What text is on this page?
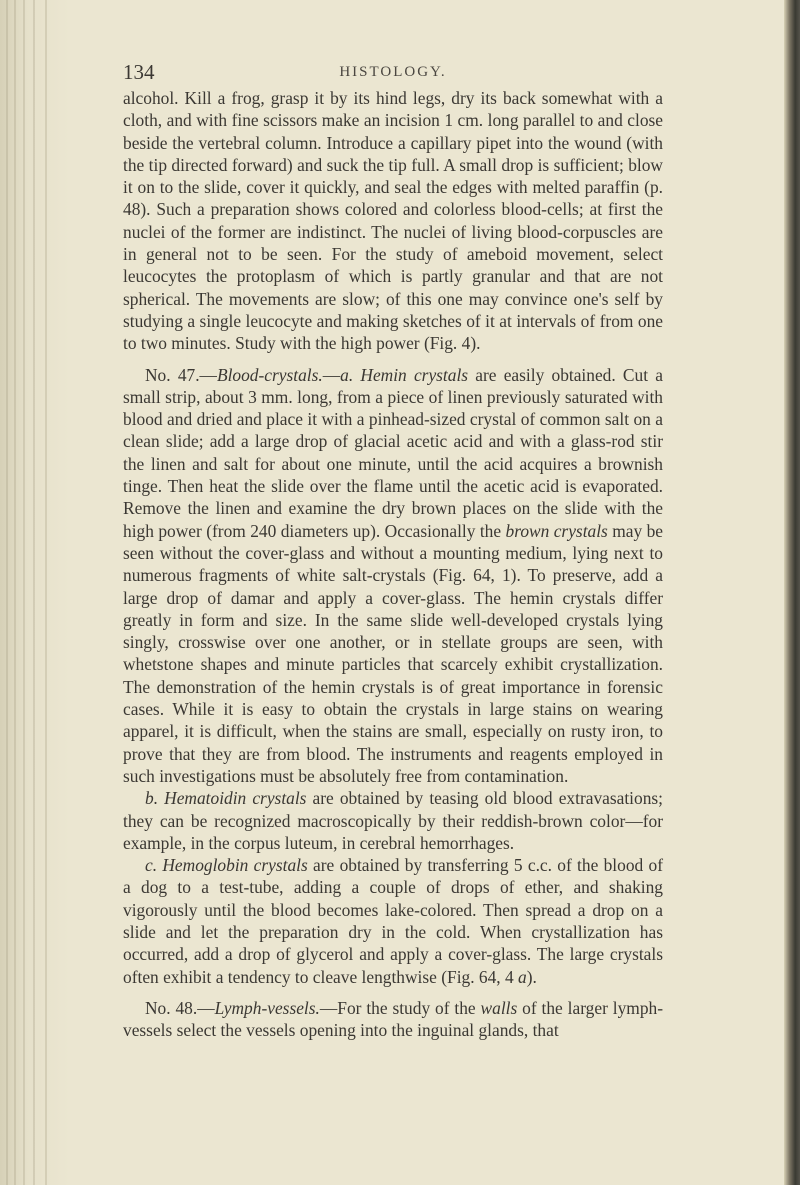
134	HISTOLOGY.

alcohol. Kill a frog, grasp it by its hind legs, dry its back somewhat with a cloth, and with fine scissors make an incision 1 cm. long parallel to and close beside the vertebral column. Introduce a capillary pipet into the wound (with the tip directed forward) and suck the tip full. A small drop is sufficient; blow it on to the slide, cover it quickly, and seal the edges with melted paraffin (p. 48). Such a preparation shows colored and colorless blood-cells; at first the nuclei of the former are indistinct. The nuclei of living blood-corpuscles are in general not to be seen. For the study of ameboid movement, select leucocytes the protoplasm of which is partly granular and that are not spherical. The movements are slow; of this one may convince one's self by studying a single leucocyte and making sketches of it at intervals of from one to two minutes. Study with the high power (Fig. 4).

No. 47.—Blood-crystals.—a. Hemin crystals are easily obtained. Cut a small strip, about 3 mm. long, from a piece of linen previously saturated with blood and dried and place it with a pinhead-sized crystal of common salt on a clean slide; add a large drop of glacial acetic acid and with a glass-rod stir the linen and salt for about one minute, until the acid acquires a brownish tinge. Then heat the slide over the flame until the acetic acid is evaporated. Remove the linen and examine the dry brown places on the slide with the high power (from 240 diameters up). Occasionally the brown crystals may be seen without the cover-glass and without a mounting medium, lying next to numerous fragments of white salt-crystals (Fig. 64, 1). To preserve, add a large drop of damar and apply a cover-glass. The hemin crystals differ greatly in form and size. In the same slide well-developed crystals lying singly, crosswise over one another, or in stellate groups are seen, with whetstone shapes and minute particles that scarcely exhibit crystallization. The demonstration of the hemin crystals is of great importance in forensic cases. While it is easy to obtain the crystals in large stains on wearing apparel, it is difficult, when the stains are small, especially on rusty iron, to prove that they are from blood. The instruments and reagents employed in such investigations must be absolutely free from contamination.

b. Hematoidin crystals are obtained by teasing old blood extravasations; they can be recognized macroscopically by their reddish-brown color—for example, in the corpus luteum, in cerebral hemorrhages.

c. Hemoglobin crystals are obtained by transferring 5 c.c. of the blood of a dog to a test-tube, adding a couple of drops of ether, and shaking vigorously until the blood becomes lake-colored. Then spread a drop on a slide and let the preparation dry in the cold. When crystallization has occurred, add a drop of glycerol and apply a cover-glass. The large crystals often exhibit a tendency to cleave lengthwise (Fig. 64, 4 a).

No. 48.—Lymph-vessels.—For the study of the walls of the larger lymph-vessels select the vessels opening into the inguinal glands, that
